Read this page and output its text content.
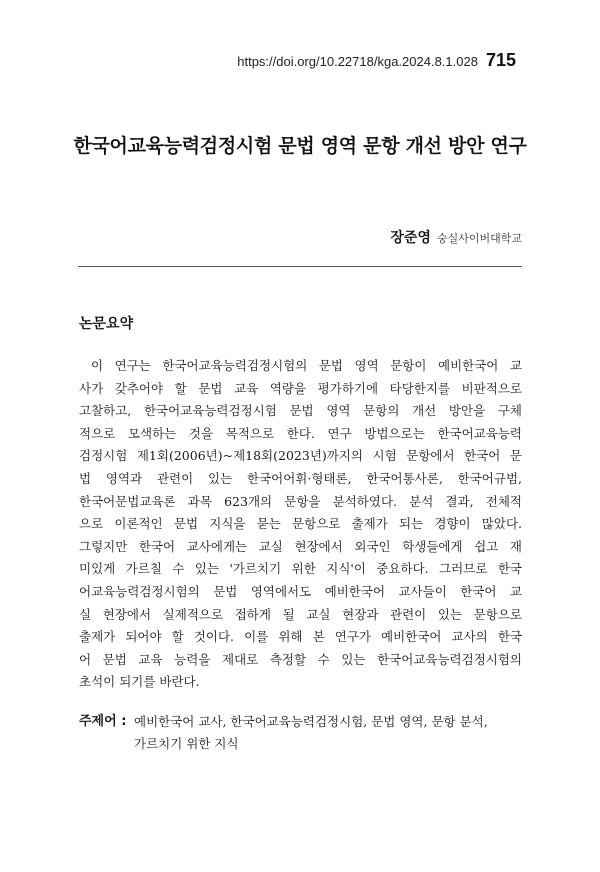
https://doi.org/10.22718/kga.2024.8.1.028 715
한국어교육능력검정시험 문법 영역 문항 개선 방안 연구
장준영 숭실사이버대학교
논문요약
이 연구는 한국어교육능력검정시험의 문법 영역 문항이 예비한국어 교
사가 갖추어야 할 문법 교육 역량을 평가하기에 타당한지를 비판적으로
고찰하고, 한국어교육능력검정시험 문법 영역 문항의 개선 방안을 구체
적으로 모색하는 것을 목적으로 한다. 연구 방법으로는 한국어교육능력
검정시험 제1회(2006년)~제18회(2023년)까지의 시험 문항에서 한국어 문
법 영역과 관련이 있는 한국어어휘·형태론, 한국어통사론, 한국어규범,
한국어문법교육론 과목 623개의 문항을 분석하였다. 분석 결과, 전체적
으로 이론적인 문법 지식을 묻는 문항으로 출제가 되는 경향이 많았다.
그렇지만 한국어 교사에게는 교실 현장에서 외국인 학생들에게 쉽고 재
미있게 가르칠 수 있는 '가르치기 위한 지식'이 중요하다. 그러므로 한국
어교육능력검정시험의 문법 영역에서도 예비한국어 교사들이 한국어 교
실 현장에서 실제적으로 접하게 될 교실 현장과 관련이 있는 문항으로
출제가 되어야 할 것이다. 이를 위해 본 연구가 예비한국어 교사의 한국
어 문법 교육 능력을 제대로 측정할 수 있는 한국어교육능력검정시험의
초석이 되기를 바란다.
주제어 : 예비한국어 교사, 한국어교육능력검정시험, 문법 영역, 문항 분석,
가르치기 위한 지식
